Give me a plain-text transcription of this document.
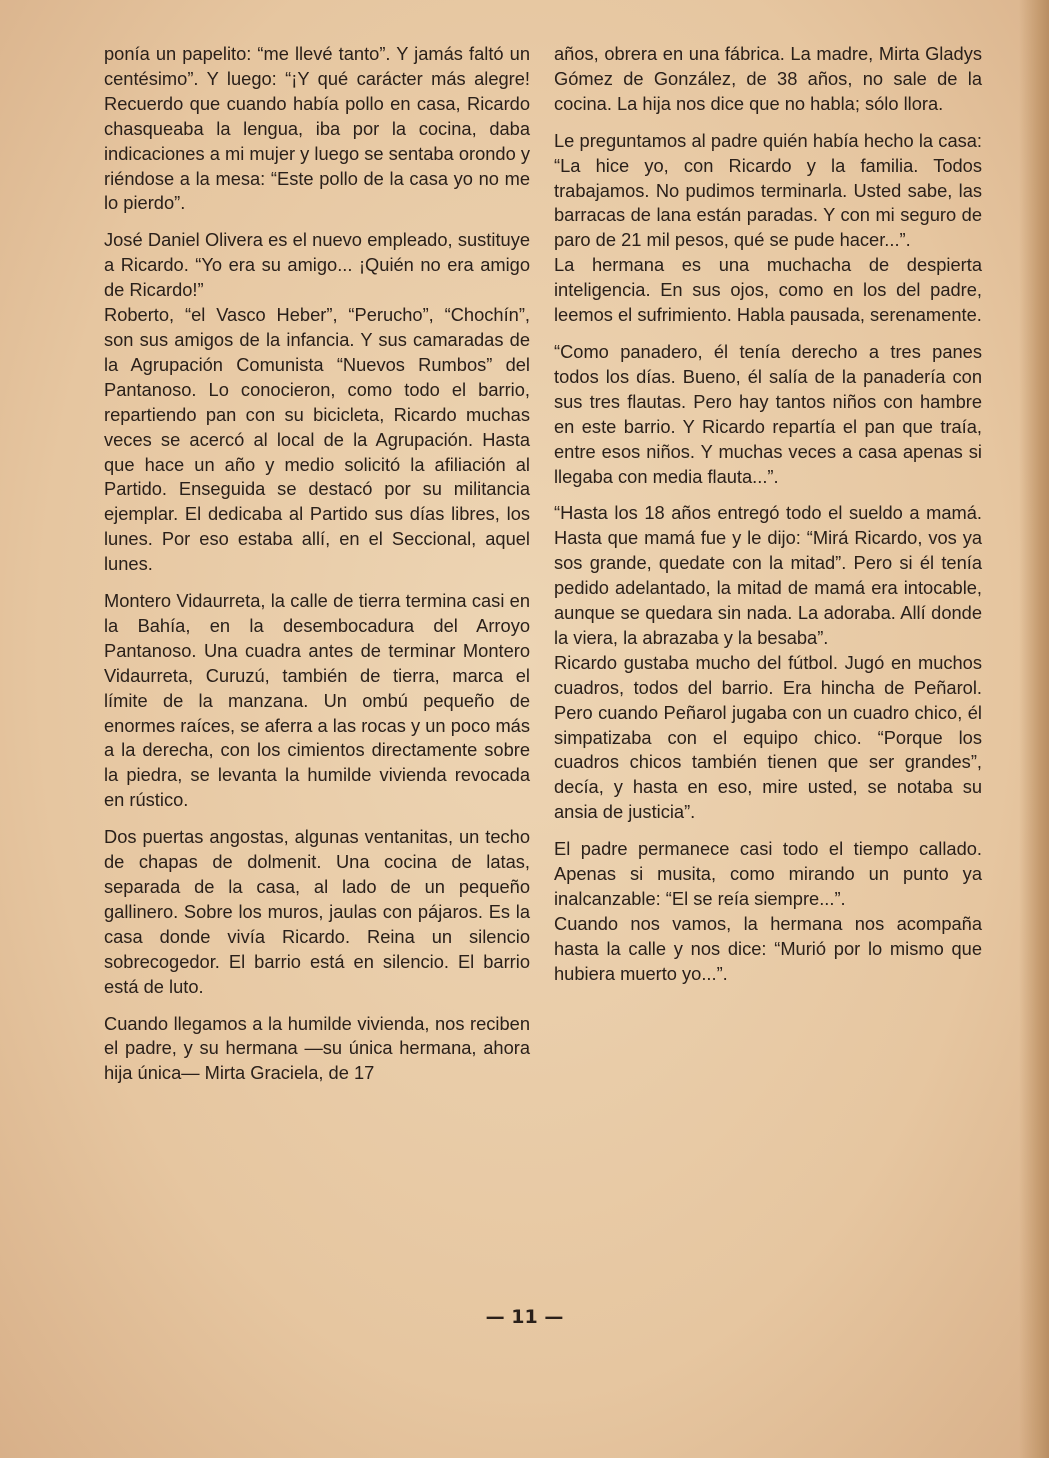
ponía un papelito: “me llevé tanto”. Y jamás faltó un centésimo”. Y luego: “¡Y qué carácter más alegre! Recuerdo que cuando había pollo en casa, Ricardo chasqueaba la lengua, iba por la cocina, daba indicaciones a mi mujer y luego se sentaba orondo y riéndose a la mesa: “Este pollo de la casa yo no me lo pierdo”.

José Daniel Olivera es el nuevo empleado, sustituye a Ricardo. “Yo era su amigo... ¡Quién no era amigo de Ricardo!”

Roberto, “el Vasco Heber”, “Perucho”, “Chochín”, son sus amigos de la infancia. Y sus camaradas de la Agrupación Comunista “Nuevos Rumbos” del Pantanoso. Lo conocieron, como todo el barrio, repartiendo pan con su bicicleta, Ricardo muchas veces se acercó al local de la Agrupación. Hasta que hace un año y medio solicitó la afiliación al Partido. Enseguida se destacó por su militancia ejemplar. El dedicaba al Partido sus días libres, los lunes. Por eso estaba allí, en el Seccional, aquel lunes.

Montero Vidaurreta, la calle de tierra termina casi en la Bahía, en la desembocadura del Arroyo Pantanoso. Una cuadra antes de terminar Montero Vidaurreta, Curuzú, también de tierra, marca el límite de la manzana. Un ombú pequeño de enormes raíces, se aferra a las rocas y un poco más a la derecha, con los cimientos directamente sobre la piedra, se levanta la humilde vivienda revocada en rústico.

Dos puertas angostas, algunas ventanitas, un techo de chapas de dolmenit. Una cocina de latas, separada de la casa, al lado de un pequeño gallinero. Sobre los muros, jaulas con pájaros. Es la casa donde vivía Ricardo. Reina un silencio sobrecogedor. El barrio está en silencio. El barrio está de luto.

Cuando llegamos a la humilde vivienda, nos reciben el padre, y su hermana —su única hermana, ahora hija única— Mirta Graciela, de 17

años, obrera en una fábrica. La madre, Mirta Gladys Gómez de González, de 38 años, no sale de la cocina. La hija nos dice que no habla; sólo llora.

Le preguntamos al padre quién había hecho la casa: “La hice yo, con Ricardo y la familia. Todos trabajamos. No pudimos terminarla. Usted sabe, las barracas de lana están paradas. Y con mi seguro de paro de 21 mil pesos, qué se pude hacer...”.

La hermana es una muchacha de despierta inteligencia. En sus ojos, como en los del padre, leemos el sufrimiento. Habla pausada, serenamente.

“Como panadero, él tenía derecho a tres panes todos los días. Bueno, él salía de la panadería con sus tres flautas. Pero hay tantos niños con hambre en este barrio. Y Ricardo repartía el pan que traía, entre esos niños. Y muchas veces a casa apenas si llegaba con media flauta...”.

“Hasta los 18 años entregó todo el sueldo a mamá. Hasta que mamá fue y le dijo: “Mirá Ricardo, vos ya sos grande, quedate con la mitad”. Pero si él tenía pedido adelantado, la mitad de mamá era intocable, aunque se quedara sin nada. La adoraba. Allí donde la viera, la abrazaba y la besaba”.

Ricardo gustaba mucho del fútbol. Jugó en muchos cuadros, todos del barrio. Era hincha de Peñarol. Pero cuando Peñarol jugaba con un cuadro chico, él simpatizaba con el equipo chico. “Porque los cuadros chicos también tienen que ser grandes”, decía, y hasta en eso, mire usted, se notaba su ansia de justicia”.

El padre permanece casi todo el tiempo callado. Apenas si musita, como mirando un punto ya inalcanzable: “El se reía siempre...”.

Cuando nos vamos, la hermana nos acompaña hasta la calle y nos dice: “Murió por lo mismo que hubiera muerto yo...”.

— 11 —
